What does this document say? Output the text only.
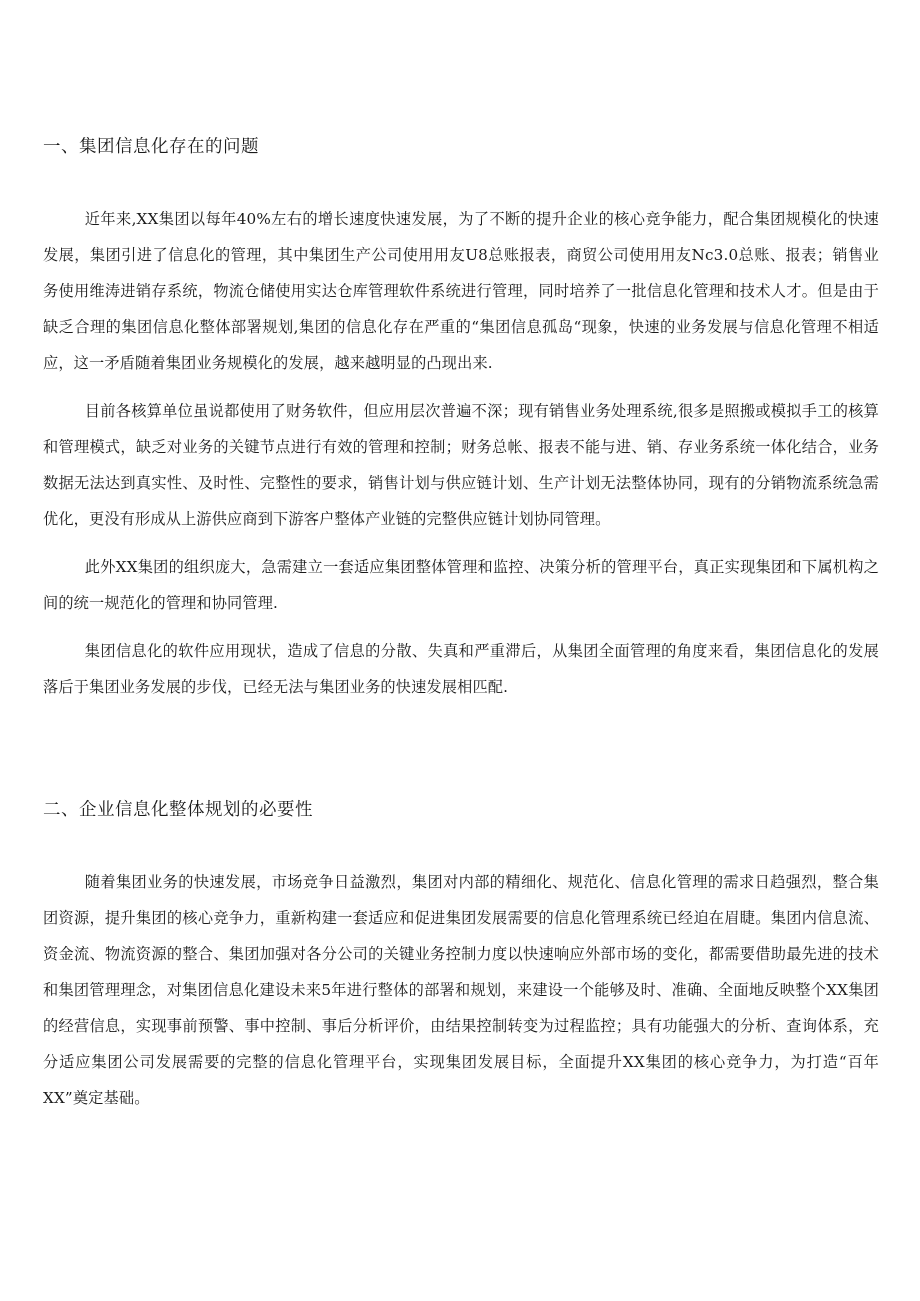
一、集团信息化存在的问题

近年来,XX集团以每年40%左右的增长速度快速发展，为了不断的提升企业的核心竞争能力，配合集团规模化的快速发展，集团引进了信息化的管理，其中集团生产公司使用用友U8总账报表，商贸公司使用用友Nc3.0总账、报表；销售业务使用维涛进销存系统，物流仓储使用实达仓库管理软件系统进行管理，同时培养了一批信息化管理和技术人才。但是由于缺乏合理的集团信息化整体部署规划,集团的信息化存在严重的“集团信息孤岛“现象，快速的业务发展与信息化管理不相适应，这一矛盾随着集团业务规模化的发展，越来越明显的凸现出来.

目前各核算单位虽说都使用了财务软件，但应用层次普遍不深；现有销售业务处理系统,很多是照搬或模拟手工的核算和管理模式，缺乏对业务的关键节点进行有效的管理和控制；财务总帐、报表不能与进、销、存业务系统一体化结合，业务数据无法达到真实性、及时性、完整性的要求，销售计划与供应链计划、生产计划无法整体协同，现有的分销物流系统急需优化，更没有形成从上游供应商到下游客户整体产业链的完整供应链计划协同管理。

此外XX集团的组织庞大，急需建立一套适应集团整体管理和监控、决策分析的管理平台，真正实现集团和下属机构之间的统一规范化的管理和协同管理.

集团信息化的软件应用现状，造成了信息的分散、失真和严重滞后，从集团全面管理的角度来看，集团信息化的发展落后于集团业务发展的步伐，已经无法与集团业务的快速发展相匹配.

二、企业信息化整体规划的必要性

随着集团业务的快速发展，市场竞争日益激烈，集团对内部的精细化、规范化、信息化管理的需求日趋强烈，整合集团资源，提升集团的核心竞争力，重新构建一套适应和促进集团发展需要的信息化管理系统已经迫在眉睫。集团内信息流、资金流、物流资源的整合、集团加强对各分公司的关键业务控制力度以快速响应外部市场的变化，都需要借助最先进的技术和集团管理理念，对集团信息化建设未来5年进行整体的部署和规划，来建设一个能够及时、准确、全面地反映整个XX集团的经营信息，实现事前预警、事中控制、事后分析评价，由结果控制转变为过程监控；具有功能强大的分析、查询体系，充分适应集团公司发展需要的完整的信息化管理平台，实现集团发展目标，全面提升XX集团的核心竞争力，为打造“百年XX”奠定基础。
